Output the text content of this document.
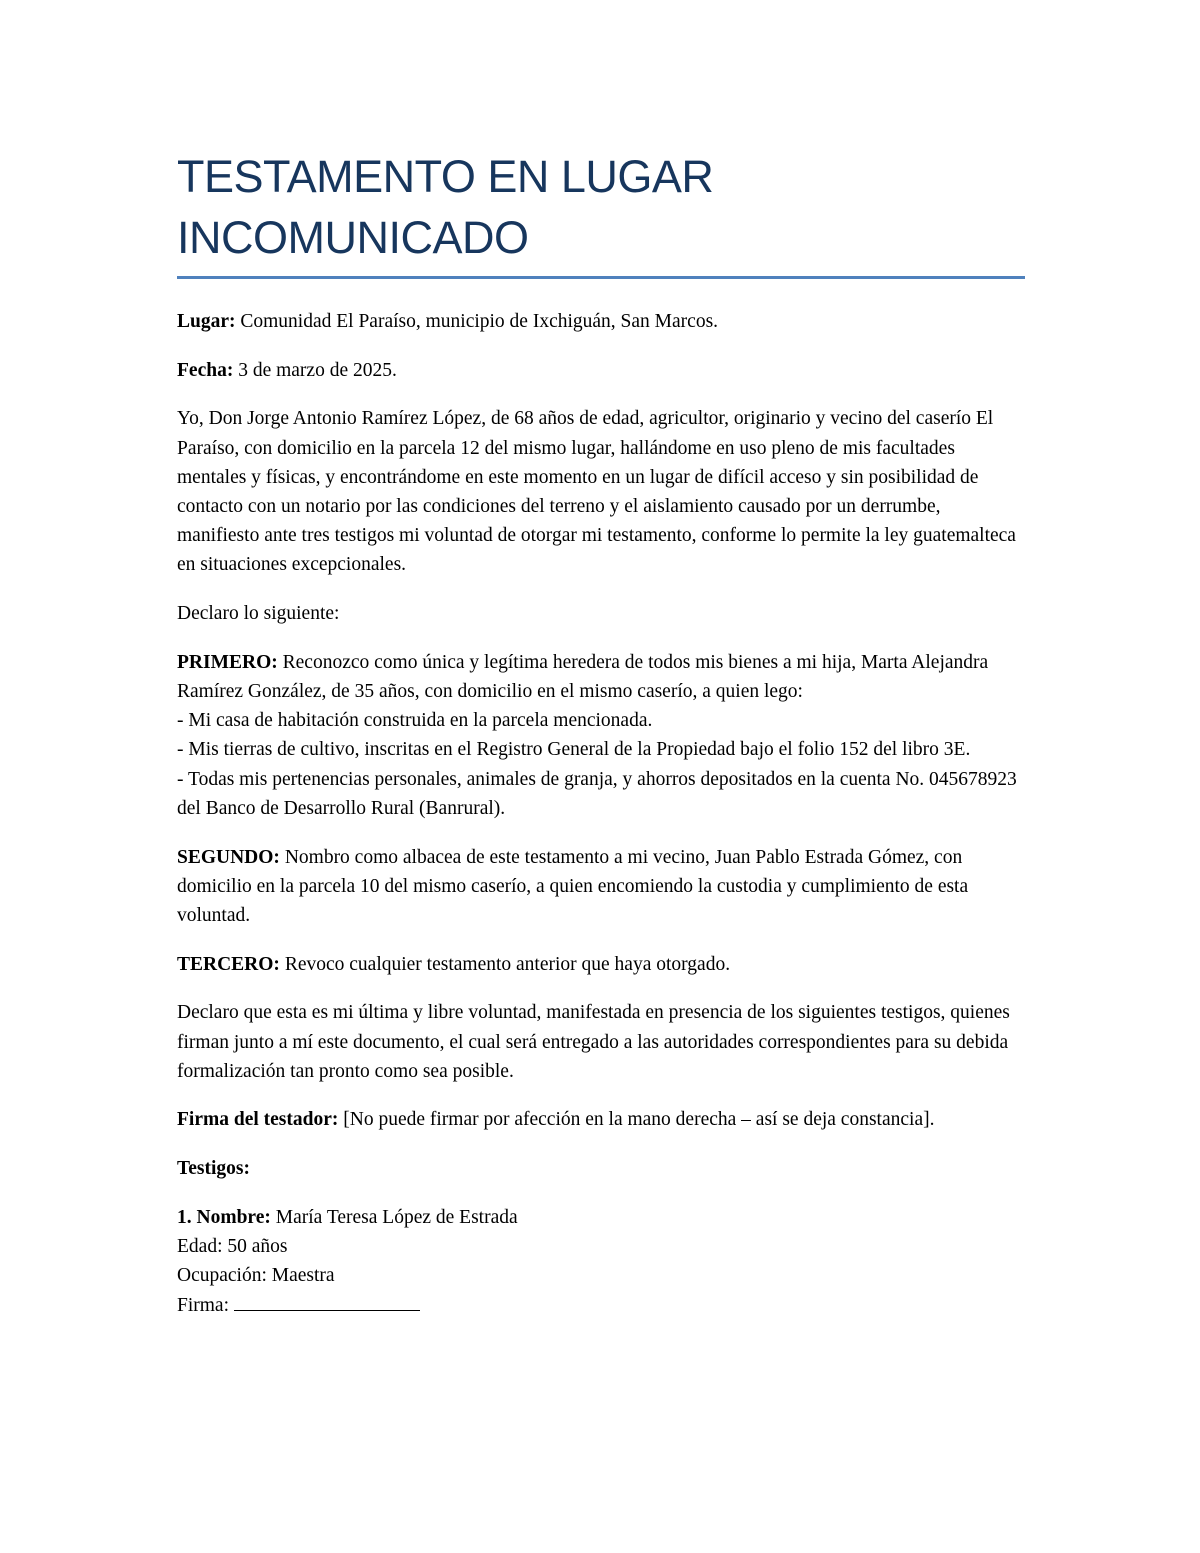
TESTAMENTO EN LUGAR
INCOMUNICADO

Lugar: Comunidad El Paraíso, municipio de Ixchiguán, San Marcos.

Fecha: 3 de marzo de 2025.

Yo, Don Jorge Antonio Ramírez López, de 68 años de edad, agricultor, originario y vecino del caserío El Paraíso, con domicilio en la parcela 12 del mismo lugar, hallándome en uso pleno de mis facultades mentales y físicas, y encontrándome en este momento en un lugar de difícil acceso y sin posibilidad de contacto con un notario por las condiciones del terreno y el aislamiento causado por un derrumbe, manifiesto ante tres testigos mi voluntad de otorgar mi testamento, conforme lo permite la ley guatemalteca en situaciones excepcionales.

Declaro lo siguiente:

PRIMERO: Reconozco como única y legítima heredera de todos mis bienes a mi hija, Marta Alejandra Ramírez González, de 35 años, con domicilio en el mismo caserío, a quien lego:
- Mi casa de habitación construida en la parcela mencionada.
- Mis tierras de cultivo, inscritas en el Registro General de la Propiedad bajo el folio 152 del libro 3E.
- Todas mis pertenencias personales, animales de granja, y ahorros depositados en la cuenta No. 045678923 del Banco de Desarrollo Rural (Banrural).

SEGUNDO: Nombro como albacea de este testamento a mi vecino, Juan Pablo Estrada Gómez, con domicilio en la parcela 10 del mismo caserío, a quien encomiendo la custodia y cumplimiento de esta voluntad.

TERCERO: Revoco cualquier testamento anterior que haya otorgado.

Declaro que esta es mi última y libre voluntad, manifestada en presencia de los siguientes testigos, quienes firman junto a mí este documento, el cual será entregado a las autoridades correspondientes para su debida formalización tan pronto como sea posible.

Firma del testador: [No puede firmar por afección en la mano derecha – así se deja constancia].

Testigos:

1. Nombre: María Teresa López de Estrada
Edad: 50 años
Ocupación: Maestra
Firma:
